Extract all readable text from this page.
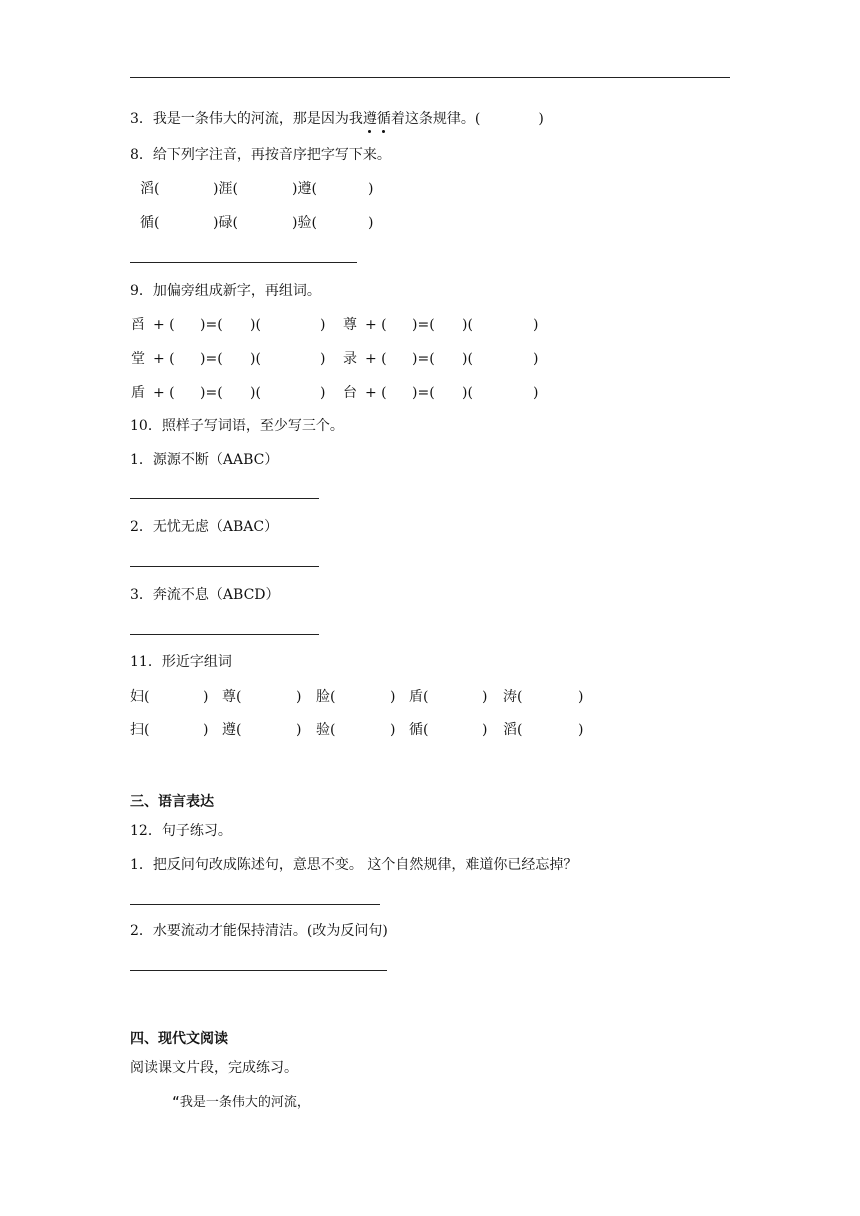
3．我是一条伟大的河流，那是因为我遵循着这条规律。(	)
8．给下列字注音，再按音序把字写下来。
滔(	)涯(	)遵(	)
循(	)碌(	)验(	)
9．加偏旁组成新字，再组词。
舀 + ( )=( )(	) 尊 + ( )=( )(	)
堂 + ( )=( )(	) 录 + ( )=( )(	)
盾 + ( )=( )(	) 台 + ( )=( )(	)
10．照样子写词语，至少写三个。
1．源源不断（AABC）
2．无忧无虑（ABAC）
3．奔流不息（ABCD）
11．形近字组词
妇(	) 尊(	) 脸(	) 盾(	) 涛(	)
扫(	) 遵(	) 验(	) 循(	) 滔(	)
三、语言表达
12．句子练习。
1．把反问句改成陈述句，意思不变。 这个自然规律，难道你已经忘掉？
2．水要流动才能保持清洁。(改为反问句)
四、现代文阅读
阅读课文片段，完成练习。
“我是一条伟大的河流，
